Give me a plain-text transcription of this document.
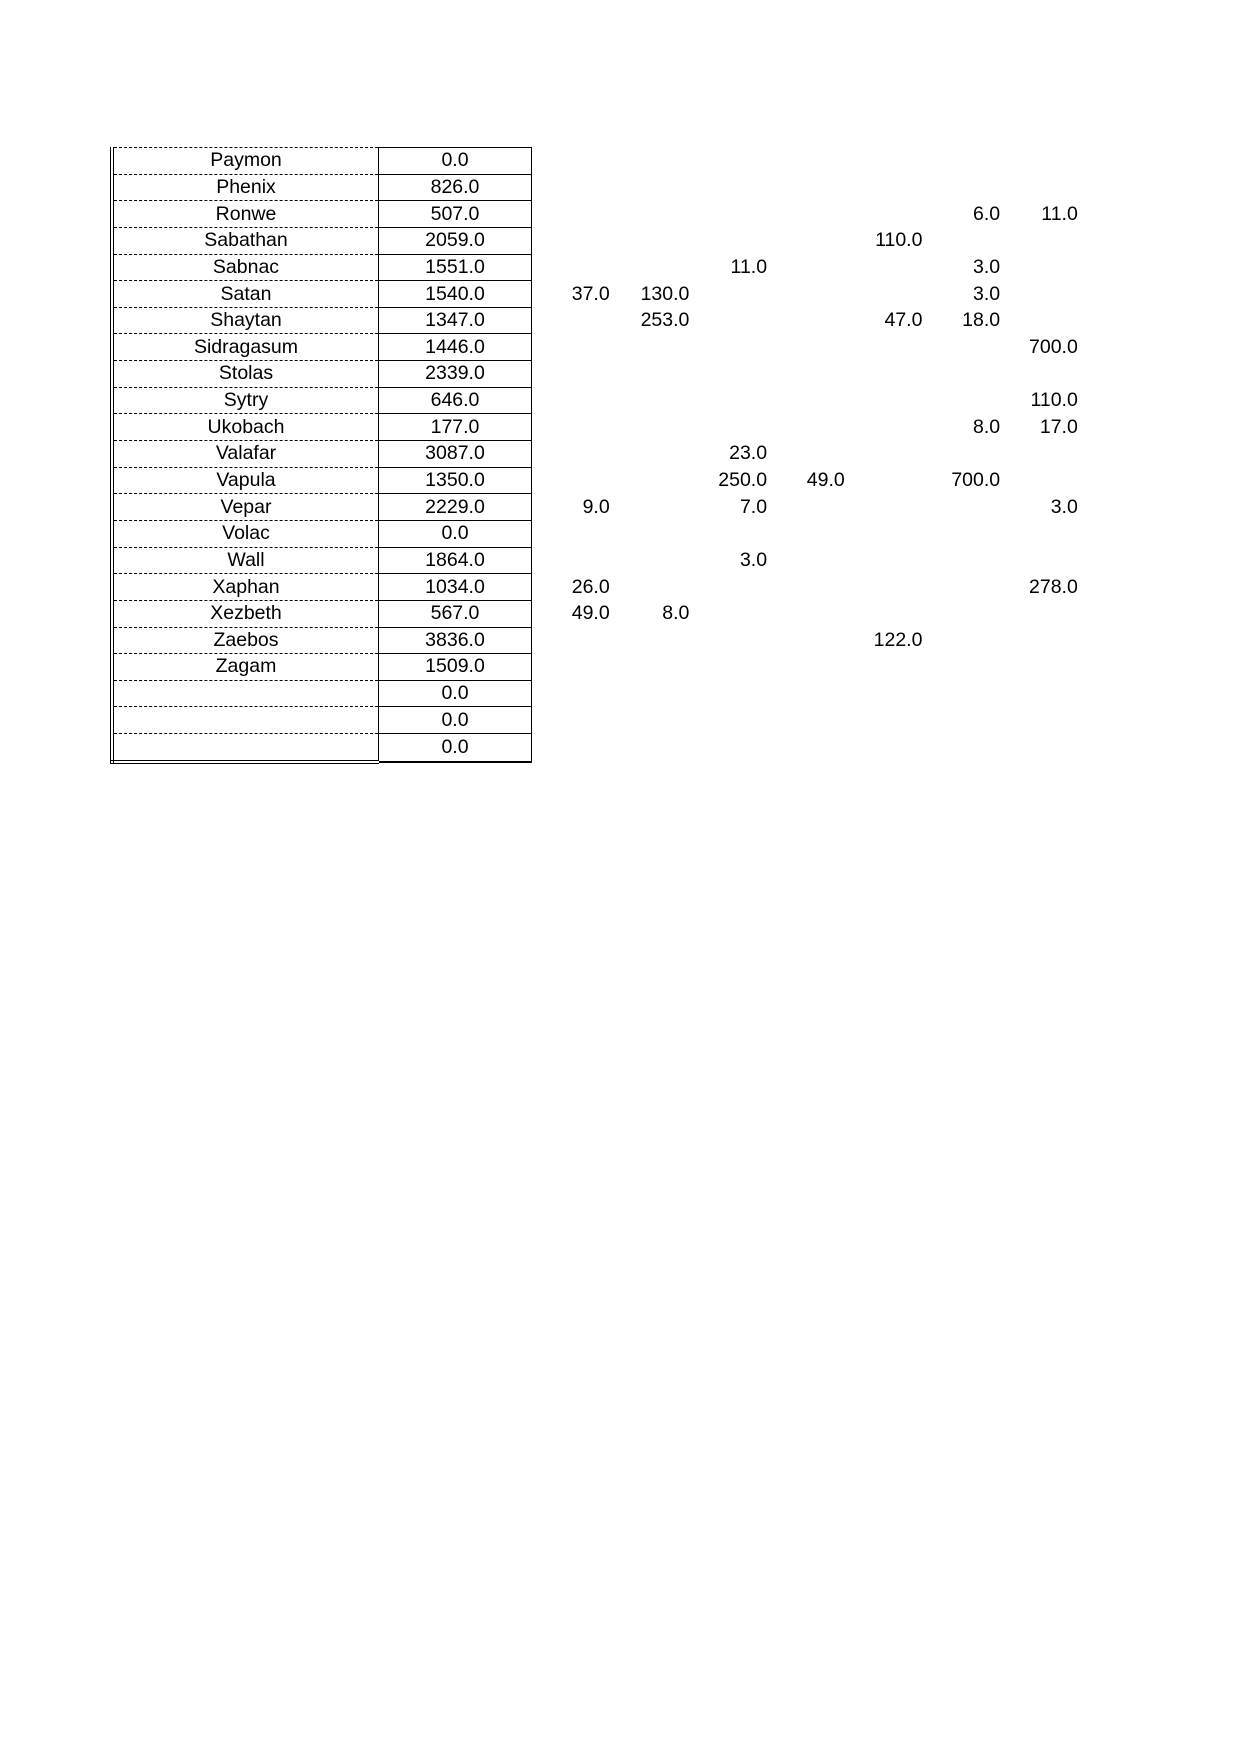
Paymon	0.0							
Phenix	826.0							
Ronwe	507.0						6.0	11.0
Sabathan	2059.0					110.0		
Sabnac	1551.0			11.0			3.0	
Satan	1540.0	37.0	130.0				3.0	
Shaytan	1347.0		253.0			47.0	18.0	
Sidragasum	1446.0							700.0
Stolas	2339.0							
Sytry	646.0							110.0
Ukobach	177.0						8.0	17.0
Valafar	3087.0			23.0				
Vapula	1350.0			250.0	49.0		700.0	
Vepar	2229.0	9.0		7.0				3.0
Volac	0.0							
Wall	1864.0			3.0				
Xaphan	1034.0	26.0						278.0
Xezbeth	567.0	49.0	8.0					
Zaebos	3836.0					122.0		
Zagam	1509.0							
	0.0							
	0.0							
	0.0							
